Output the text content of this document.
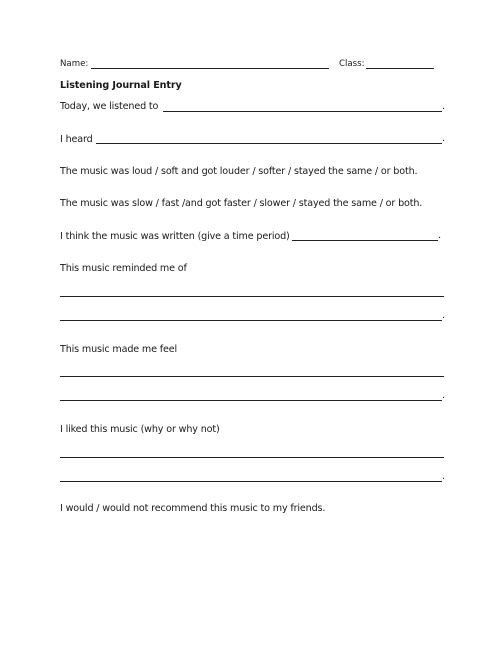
Name:	Class:
Listening Journal Entry
Today, we listened to	.
I heard	.
The music was loud / soft and got louder / softer / stayed the same / or both.
The music was slow / fast /and got faster / slower / stayed the same / or both.
I think the music was written (give a time period)	.
This music reminded me of
.
This music made me feel
.
I liked this music (why or why not)
.
I would / would not recommend this music to my friends.
